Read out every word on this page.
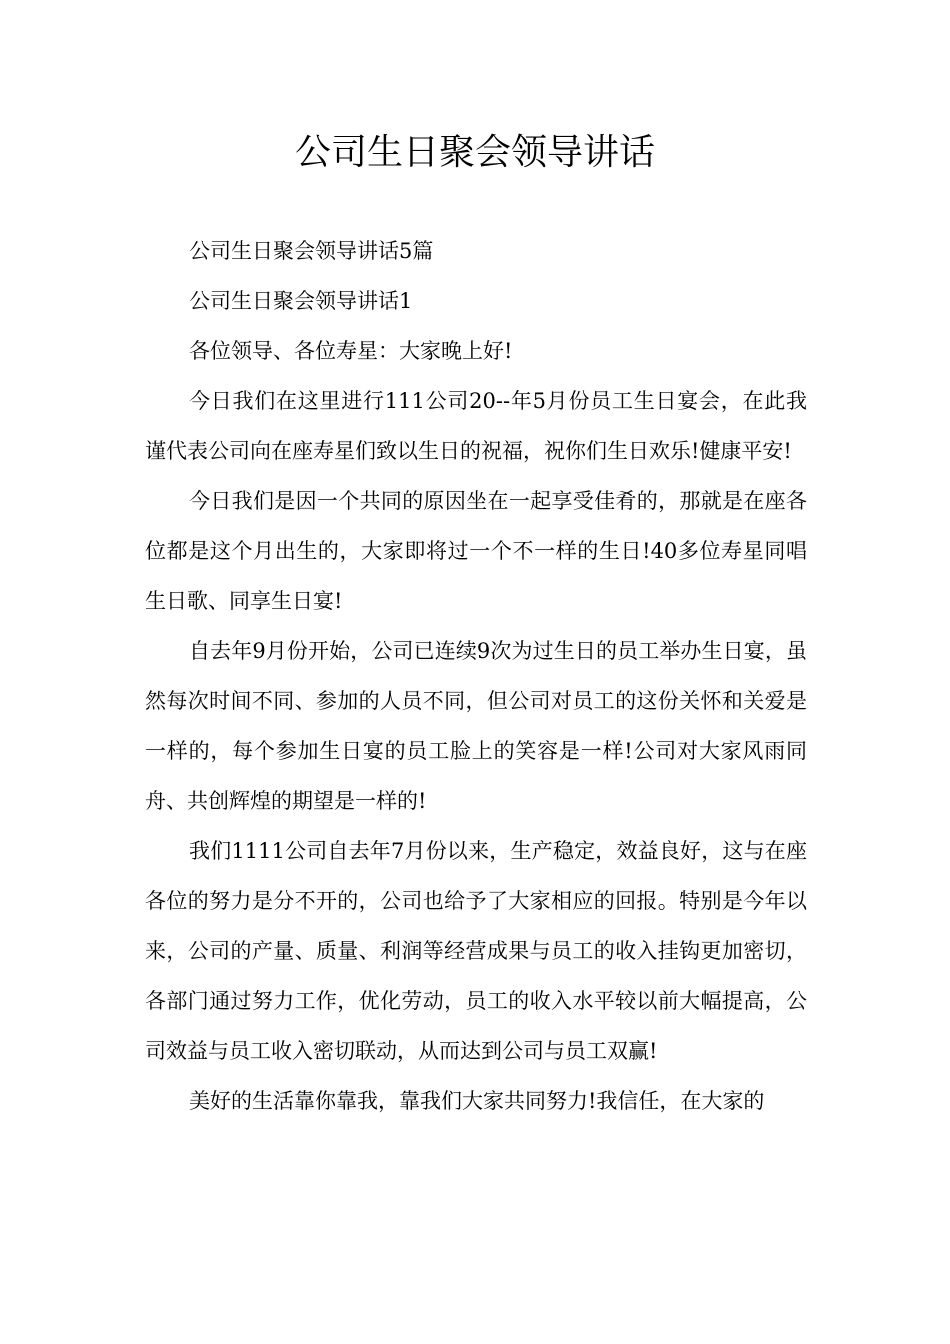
公司生日聚会领导讲话

公司生日聚会领导讲话5篇

公司生日聚会领导讲话1

各位领导、各位寿星：大家晚上好!

今日我们在这里进行111公司20--年5月份员工生日宴会，在此我谨代表公司向在座寿星们致以生日的祝福，祝你们生日欢乐!健康平安!

今日我们是因一个共同的原因坐在一起享受佳肴的，那就是在座各位都是这个月出生的，大家即将过一个不一样的生日!40多位寿星同唱生日歌、同享生日宴!

自去年9月份开始，公司已连续9次为过生日的员工举办生日宴，虽然每次时间不同、参加的人员不同，但公司对员工的这份关怀和关爱是一样的，每个参加生日宴的员工脸上的笑容是一样!公司对大家风雨同舟、共创辉煌的期望是一样的!

我们1111公司自去年7月份以来，生产稳定，效益良好，这与在座各位的努力是分不开的，公司也给予了大家相应的回报。特别是今年以来，公司的产量、质量、利润等经营成果与员工的收入挂钩更加密切，各部门通过努力工作，优化劳动，员工的收入水平较以前大幅提高，公司效益与员工收入密切联动，从而达到公司与员工双赢!

美好的生活靠你靠我，靠我们大家共同努力!我信任，在大家的
